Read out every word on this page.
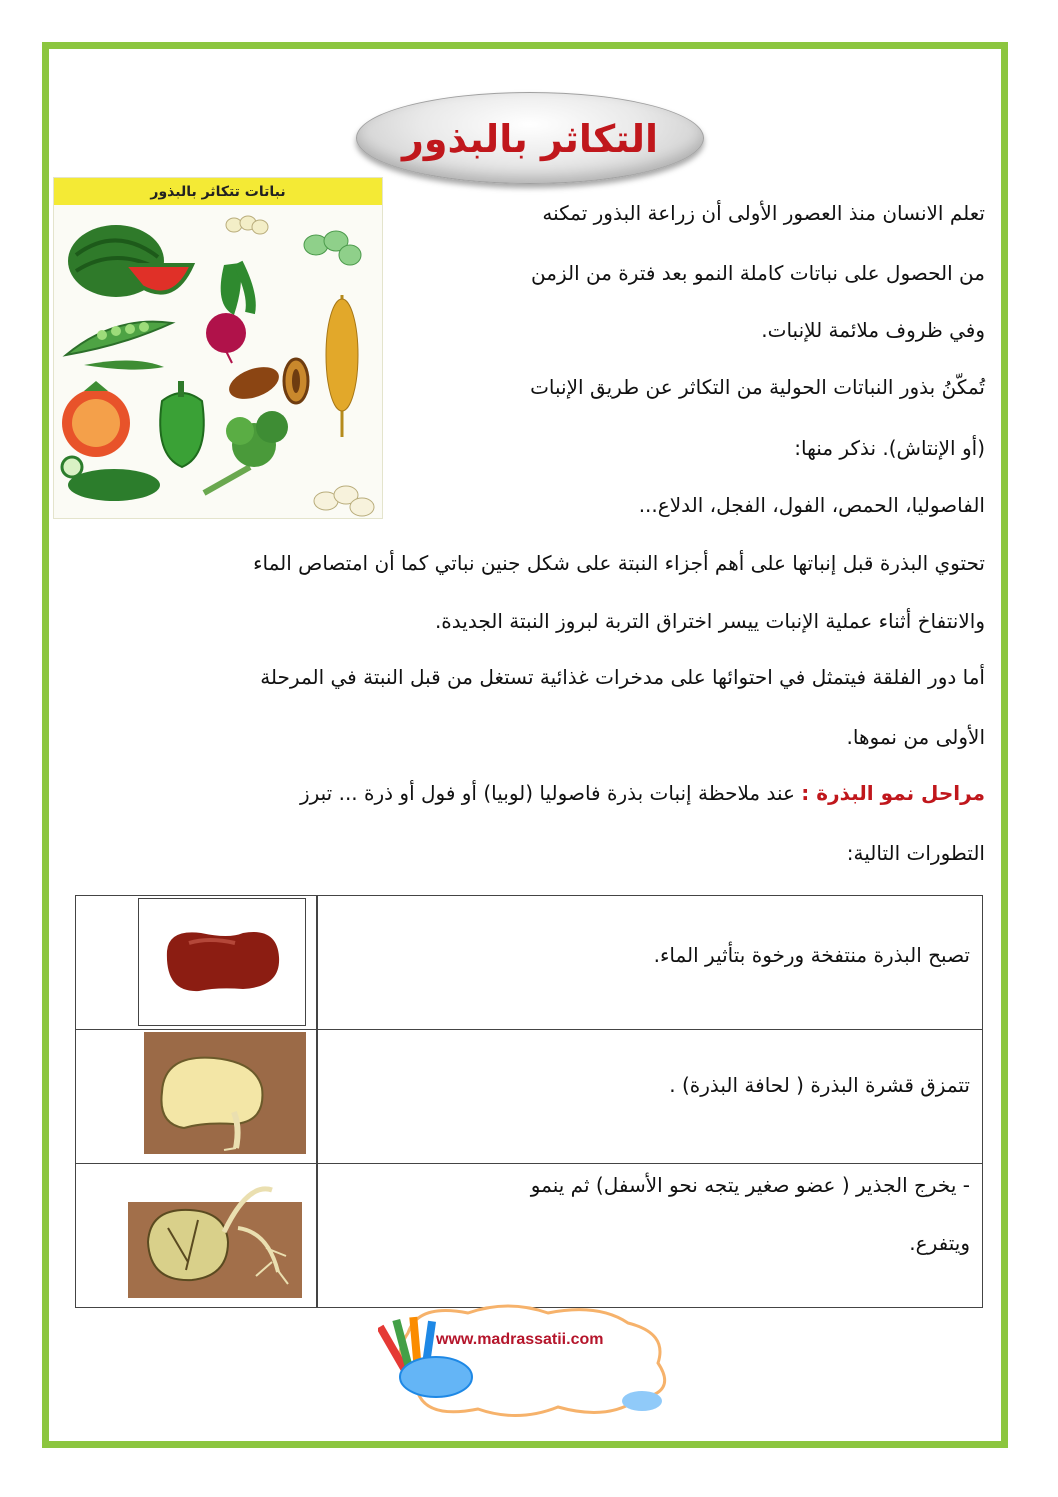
التكاثر بالبذور
نباتات تتكاثر بالبذور

تعلم الانسان منذ العصور الأولى أن زراعة البذور تمكنه

من الحصول على نباتات كاملة النمو بعد فترة من الزمن

وفي ظروف ملائمة للإنبات.

تُمكّنُ بذور النباتات الحولية من التكاثر عن طريق الإنبات

(أو الإنتاش). نذكر منها:

الفاصوليا، الحمص، الفول، الفجل، الدلاع...

تحتوي البذرة قبل إنباتها على أهم أجزاء النبتة على شكل جنين نباتي كما أن امتصاص الماء

والانتفاخ أثناء عملية الإنبات ييسر اختراق التربة لبروز النبتة الجديدة.

أما دور الفلقة فيتمثل في احتوائها على مدخرات غذائية تستغل من قبل النبتة في المرحلة

الأولى من نموها.

مراحل نمو البذرة : عند ملاحظة إنبات بذرة فاصوليا (لوبيا) أو فول أو ذرة ... تبرز

التطورات التالية:

تصبح البذرة منتفخة ورخوة بتأثير الماء.
تتمزق قشرة البذرة ( لحافة البذرة) .
- يخرج الجذير ( عضو صغير يتجه نحو الأسفل) ثم ينمو
ويتفرع.
www.madrassatii.com
